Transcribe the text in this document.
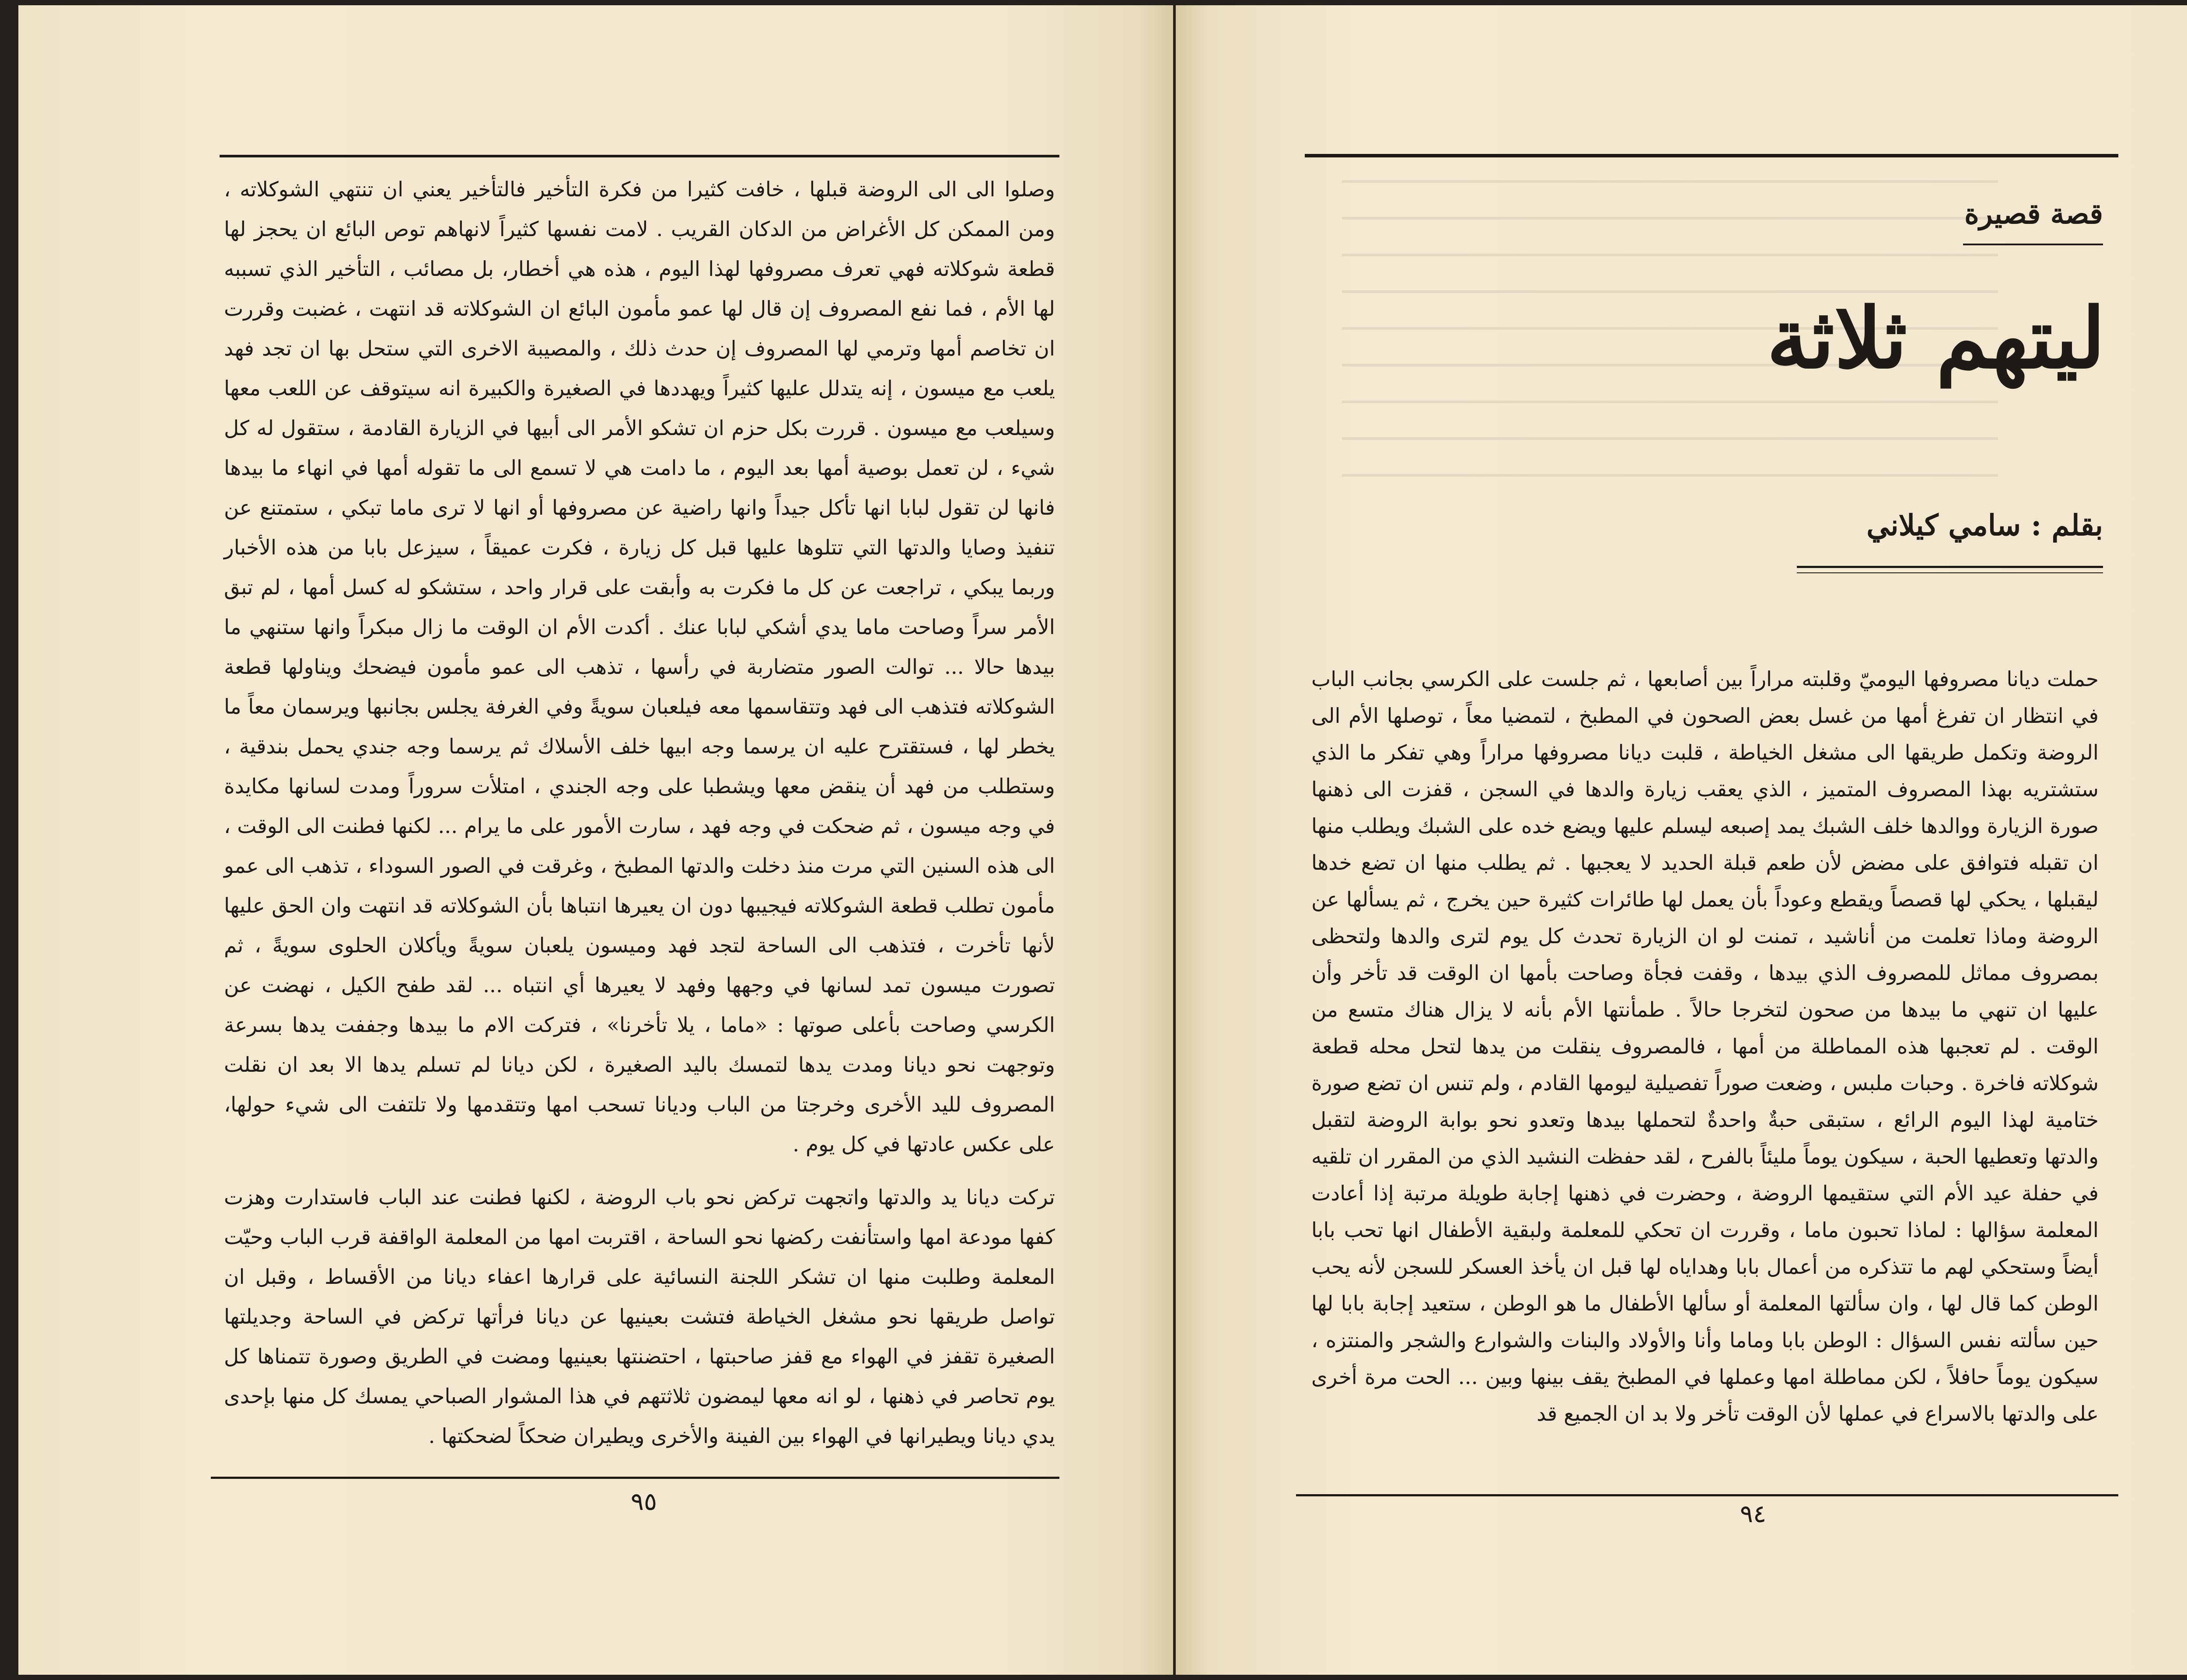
وصلوا الى الى الروضة قبلها ، خافت كثيرا من فكرة التأخير فالتأخير يعني ان تنتهي الشوكلاته ، ومن الممكن كل الأغراض من الدكان القريب . لامت نفسها كثيراً لانهاهم توص البائع ان يحجز لها قطعة شوكلاته فهي تعرف مصروفها لهذا اليوم ، هذه هي أخطار، بل مصائب ، التأخير الذي تسببه لها الأم ، فما نفع المصروف إن قال لها عمو مأمون البائع ان الشوكلاته قد انتهت ، غضبت وقررت ان تخاصم أمها وترمي لها المصروف إن حدث ذلك ، والمصيبة الاخرى التي ستحل بها ان تجد فهد يلعب مع ميسون ، إنه يتدلل عليها كثيراً ويهددها في الصغيرة والكبيرة انه سيتوقف عن اللعب معها وسيلعب مع ميسون . قررت بكل حزم ان تشكو الأمر الى أبيها في الزيارة القادمة ، ستقول له كل شيء ، لن تعمل بوصية أمها بعد اليوم ، ما دامت هي لا تسمع الى ما تقوله أمها في انهاء ما بيدها فانها لن تقول لبابا انها تأكل جيداً وانها راضية عن مصروفها أو انها لا ترى ماما تبكي ، ستمتنع عن تنفيذ وصايا والدتها التي تتلوها عليها قبل كل زيارة ، فكرت عميقاً ، سيزعل بابا من هذه الأخبار وربما يبكي ، تراجعت عن كل ما فكرت به وأبقت على قرار واحد ، ستشكو له كسل أمها ، لم تبق الأمر سراً وصاحت ماما يدي أشكي لبابا عنك . أكدت الأم ان الوقت ما زال مبكراً وانها ستنهي ما بيدها حالا ... توالت الصور متضاربة في رأسها ، تذهب الى عمو مأمون فيضحك ويناولها قطعة الشوكلاته فتذهب الى فهد وتتقاسمها معه فيلعبان سويةً وفي الغرفة يجلس بجانبها ويرسمان معاً ما يخطر لها ، فستقترح عليه ان يرسما وجه ابيها خلف الأسلاك ثم يرسما وجه جندي يحمل بندقية ، وستطلب من فهد أن ينقض معها ويشطبا على وجه الجندي ، امتلأت سروراً ومدت لسانها مكايدة في وجه ميسون ، ثم ضحكت في وجه فهد ، سارت الأمور على ما يرام ... لكنها فطنت الى الوقت ، الى هذه السنين التي مرت منذ دخلت والدتها المطبخ ، وغرقت في الصور السوداء ، تذهب الى عمو مأمون تطلب قطعة الشوكلاته فيجيبها دون ان يعيرها انتباها بأن الشوكلاته قد انتهت وان الحق عليها لأنها تأخرت ، فتذهب الى الساحة لتجد فهد وميسون يلعبان سويةً ويأكلان الحلوى سويةً ، ثم تصورت ميسون تمد لسانها في وجهها وفهد لا يعيرها أي انتباه ... لقد طفح الكيل ، نهضت عن الكرسي وصاحت بأعلى صوتها : «ماما ، يلا تأخرنا» ، فتركت الام ما بيدها وجففت يدها بسرعة وتوجهت نحو ديانا ومدت يدها لتمسك باليد الصغيرة ، لكن ديانا لم تسلم يدها الا بعد ان نقلت المصروف لليد الأخرى وخرجتا من الباب وديانا تسحب امها وتتقدمها ولا تلتفت الى شيء حولها، على عكس عادتها في كل يوم .

تركت ديانا يد والدتها واتجهت تركض نحو باب الروضة ، لكنها فطنت عند الباب فاستدارت وهزت كفها مودعة امها واستأنفت ركضها نحو الساحة ، اقتربت امها من المعلمة الواقفة قرب الباب وحيّت المعلمة وطلبت منها ان تشكر اللجنة النسائية على قرارها اعفاء ديانا من الأقساط ، وقبل ان تواصل طريقها نحو مشغل الخياطة فتشت بعينيها عن ديانا فرأتها تركض في الساحة وجديلتها الصغيرة تقفز في الهواء مع قفز صاحبتها ، احتضنتها بعينيها ومضت في الطريق وصورة تتمناها كل يوم تحاصر في ذهنها ، لو انه معها ليمضون ثلاثتهم في هذا المشوار الصباحي يمسك كل منها بإحدى يدي ديانا ويطيرانها في الهواء بين الفينة والأخرى ويطيران ضحكاً لضحكتها .

٩٥
قصة قصيرة
ليتهم ثلاثة
بقلم : سامي كيلاني
حملت ديانا مصروفها اليوميّ وقلبته مراراً بين أصابعها ، ثم جلست على الكرسي بجانب الباب في انتظار ان تفرغ أمها من غسل بعض الصحون في المطبخ ، لتمضيا معاً ، توصلها الأم الى الروضة وتكمل طريقها الى مشغل الخياطة ، قلبت ديانا مصروفها مراراً وهي تفكر ما الذي ستشتريه بهذا المصروف المتميز ، الذي يعقب زيارة والدها في السجن ، قفزت الى ذهنها صورة الزيارة ووالدها خلف الشبك يمد إصبعه ليسلم عليها ويضع خده على الشبك ويطلب منها ان تقبله فتوافق على مضض لأن طعم قبلة الحديد لا يعجبها . ثم يطلب منها ان تضع خدها ليقبلها ، يحكي لها قصصاً ويقطع وعوداً بأن يعمل لها طائرات كثيرة حين يخرج ، ثم يسألها عن الروضة وماذا تعلمت من أناشيد ، تمنت لو ان الزيارة تحدث كل يوم لترى والدها ولتحظى بمصروف مماثل للمصروف الذي بيدها ، وقفت فجأة وصاحت بأمها ان الوقت قد تأخر وأن عليها ان تنهي ما بيدها من صحون لتخرجا حالاً . طمأنتها الأم بأنه لا يزال هناك متسع من الوقت . لم تعجبها هذه المماطلة من أمها ، فالمصروف ينقلت من يدها لتحل محله قطعة شوكلاته فاخرة . وحبات ملبس ، وضعت صوراً تفصيلية ليومها القادم ، ولم تنس ان تضع صورة ختامية لهذا اليوم الرائع ، ستبقى حبةٌ واحدةٌ لتحملها بيدها وتعدو نحو بوابة الروضة لتقبل والدتها وتعطيها الحبة ، سيكون يوماً مليئاً بالفرح ، لقد حفظت النشيد الذي من المقرر ان تلقيه في حفلة عيد الأم التي ستقيمها الروضة ، وحضرت في ذهنها إجابة طويلة مرتبة إذا أعادت المعلمة سؤالها : لماذا تحبون ماما ، وقررت ان تحكي للمعلمة ولبقية الأطفال انها تحب بابا أيضاً وستحكي لهم ما تتذكره من أعمال بابا وهداياه لها قبل ان يأخذ العسكر للسجن لأنه يحب الوطن كما قال لها ، وان سألتها المعلمة أو سألها الأطفال ما هو الوطن ، ستعيد إجابة بابا لها حين سألته نفس السؤال : الوطن بابا وماما وأنا والأولاد والبنات والشوارع والشجر والمنتزه ، سيكون يوماً حافلاً ، لكن مماطلة امها وعملها في المطبخ يقف بينها وبين ... الحت مرة أخرى على والدتها بالاسراع في عملها لأن الوقت تأخر ولا بد ان الجميع قد
٩٤
